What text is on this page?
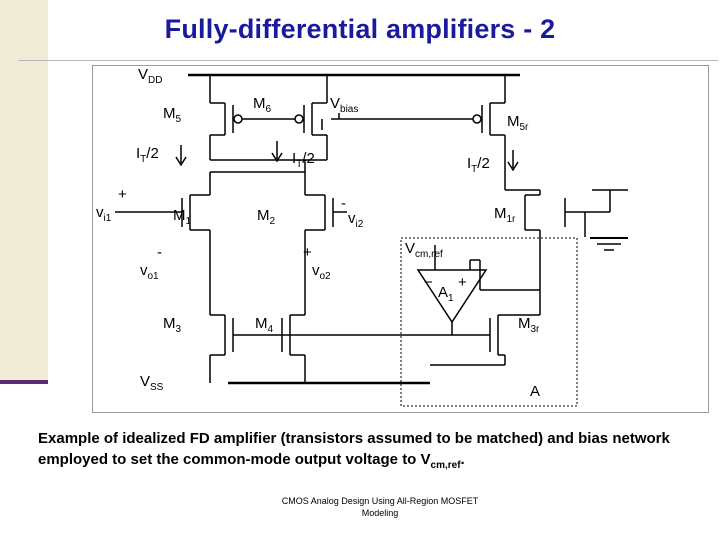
Fully-differential amplifiers - 2
$V_{DD}$
$M_5$
$M_6$	$V_{bias}$
$M_{5r}$
$I_T/2$	$I_T/2$	$I_T/2$
+
$v_{i1}$	$M_1$	$M_2$
-
$v_{i2}$
$M_{1r}$
-
$v_{o1}$
+
$v_{o2}$
$V_{cm,ref}$
− +
$A_1$
$M_3$	$M_4$	$M_{3r}$
$V_{SS}$	A
Example of idealized FD amplifier (transistors assumed to be matched) and bias network employed to set the common-mode output voltage to $V_{cm,ref}$.
CMOS Analog Design Using All-Region MOSFET
Modeling
